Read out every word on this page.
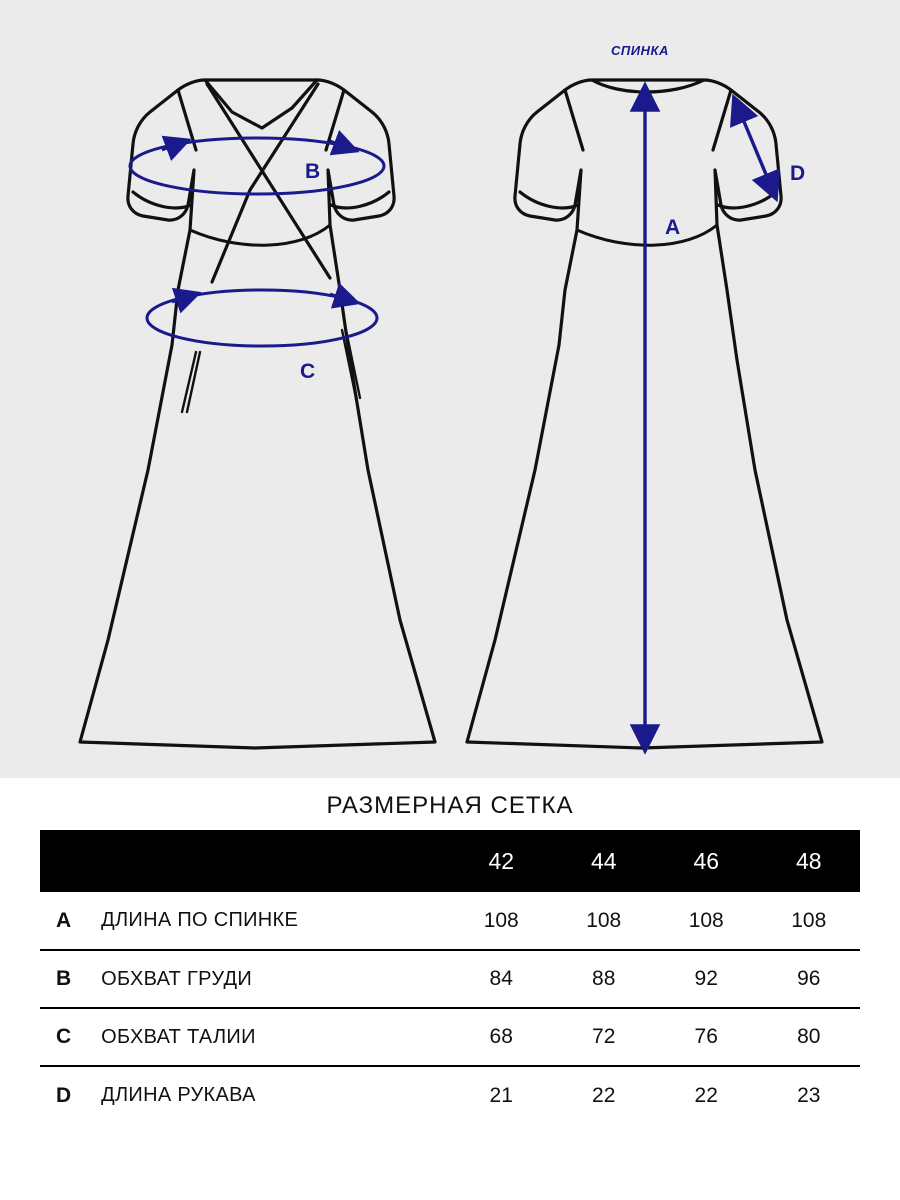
B
C
A
D
СПИНКА
РАЗМЕРНАЯ СЕТКА
		42	44	46	48
A	ДЛИНА ПО СПИНКЕ	108	108	108	108
B	ОБХВАТ ГРУДИ	84	88	92	96
C	ОБХВАТ ТАЛИИ	68	72	76	80
D	ДЛИНА РУКАВА	21	22	22	23
